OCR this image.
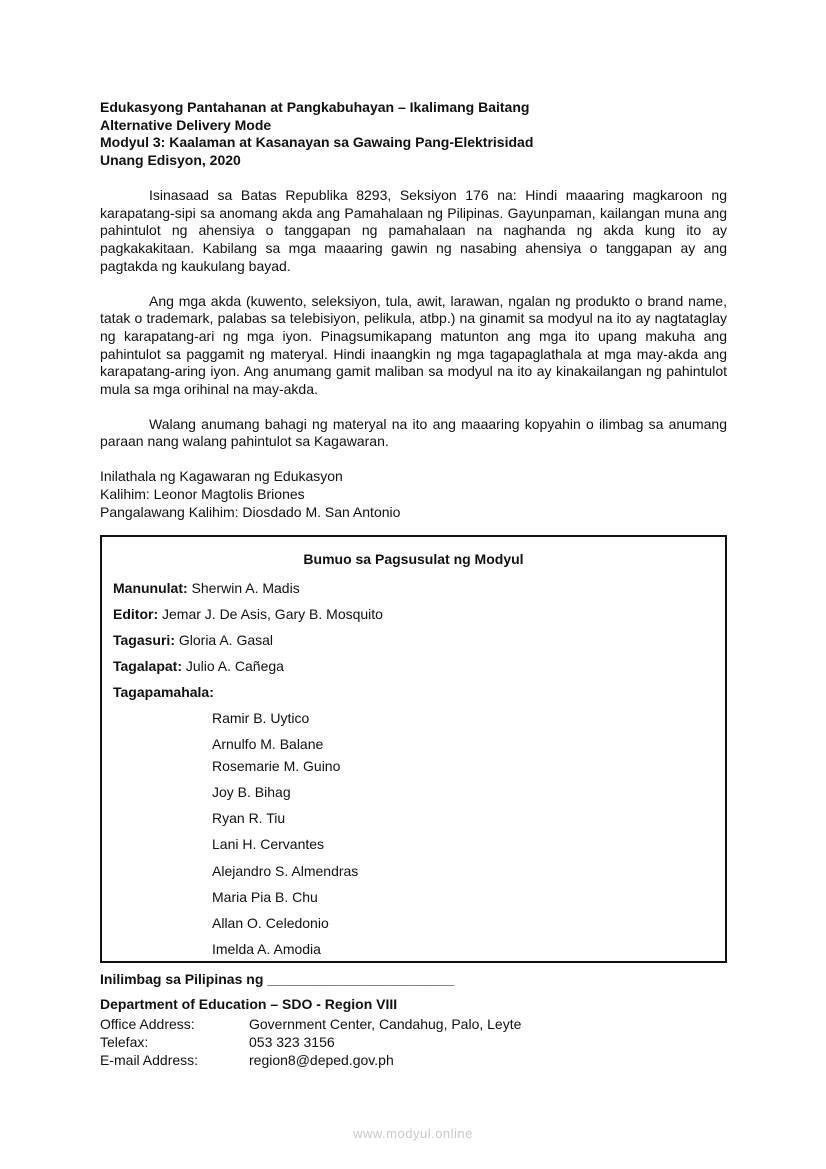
Edukasyong Pantahanan at Pangkabuhayan – Ikalimang Baitang
Alternative Delivery Mode
Modyul 3: Kaalaman at Kasanayan sa Gawaing Pang-Elektrisidad
Unang Edisyon, 2020

Isinasaad sa Batas Republika 8293, Seksiyon 176 na: Hindi maaaring magkaroon ng karapatang-sipi sa anomang akda ang Pamahalaan ng Pilipinas. Gayunpaman, kailangan muna ang pahintulot ng ahensiya o tanggapan ng pamahalaan na naghanda ng akda kung ito ay pagkakakitaan. Kabilang sa mga maaaring gawin ng nasabing ahensiya o tanggapan ay ang pagtakda ng kaukulang bayad.

Ang mga akda (kuwento, seleksiyon, tula, awit, larawan, ngalan ng produkto o brand name, tatak o trademark, palabas sa telebisiyon, pelikula, atbp.) na ginamit sa modyul na ito ay nagtataglay ng karapatang-ari ng mga iyon. Pinagsumikapang matunton ang mga ito upang makuha ang pahintulot sa paggamit ng materyal. Hindi inaangkin ng mga tagapaglathala at mga may-akda ang karapatang-aring iyon. Ang anumang gamit maliban sa modyul na ito ay kinakailangan ng pahintulot mula sa mga orihinal na may-akda.

Walang anumang bahagi ng materyal na ito ang maaaring kopyahin o ilimbag sa anumang paraan nang walang pahintulot sa Kagawaran.

Inilathala ng Kagawaran ng Edukasyon
Kalihim: Leonor Magtolis Briones
Pangalawang Kalihim: Diosdado M. San Antonio
Bumuo sa Pagsusulat ng Modyul
Manunulat: Sherwin A. Madis
Editor: Jemar J. De Asis, Gary B. Mosquito
Tagasuri: Gloria A. Gasal
Tagalapat: Julio A. Cañega
Tagapamahala:
Ramir B. Uytico
Arnulfo M. Balane
Rosemarie M. Guino
Joy B. Bihag
Ryan R. Tiu
Lani H. Cervantes
Alejandro S. Almendras
Maria Pia B. Chu
Allan O. Celedonio
Imelda A. Amodia
Inilimbag sa Pilipinas ng ________________________
Department of Education – SDO - Region VIII
Office Address:	Government Center, Candahug, Palo, Leyte
Telefax:	053 323 3156
E-mail Address:	region8@deped.gov.ph
www.modyul.online
